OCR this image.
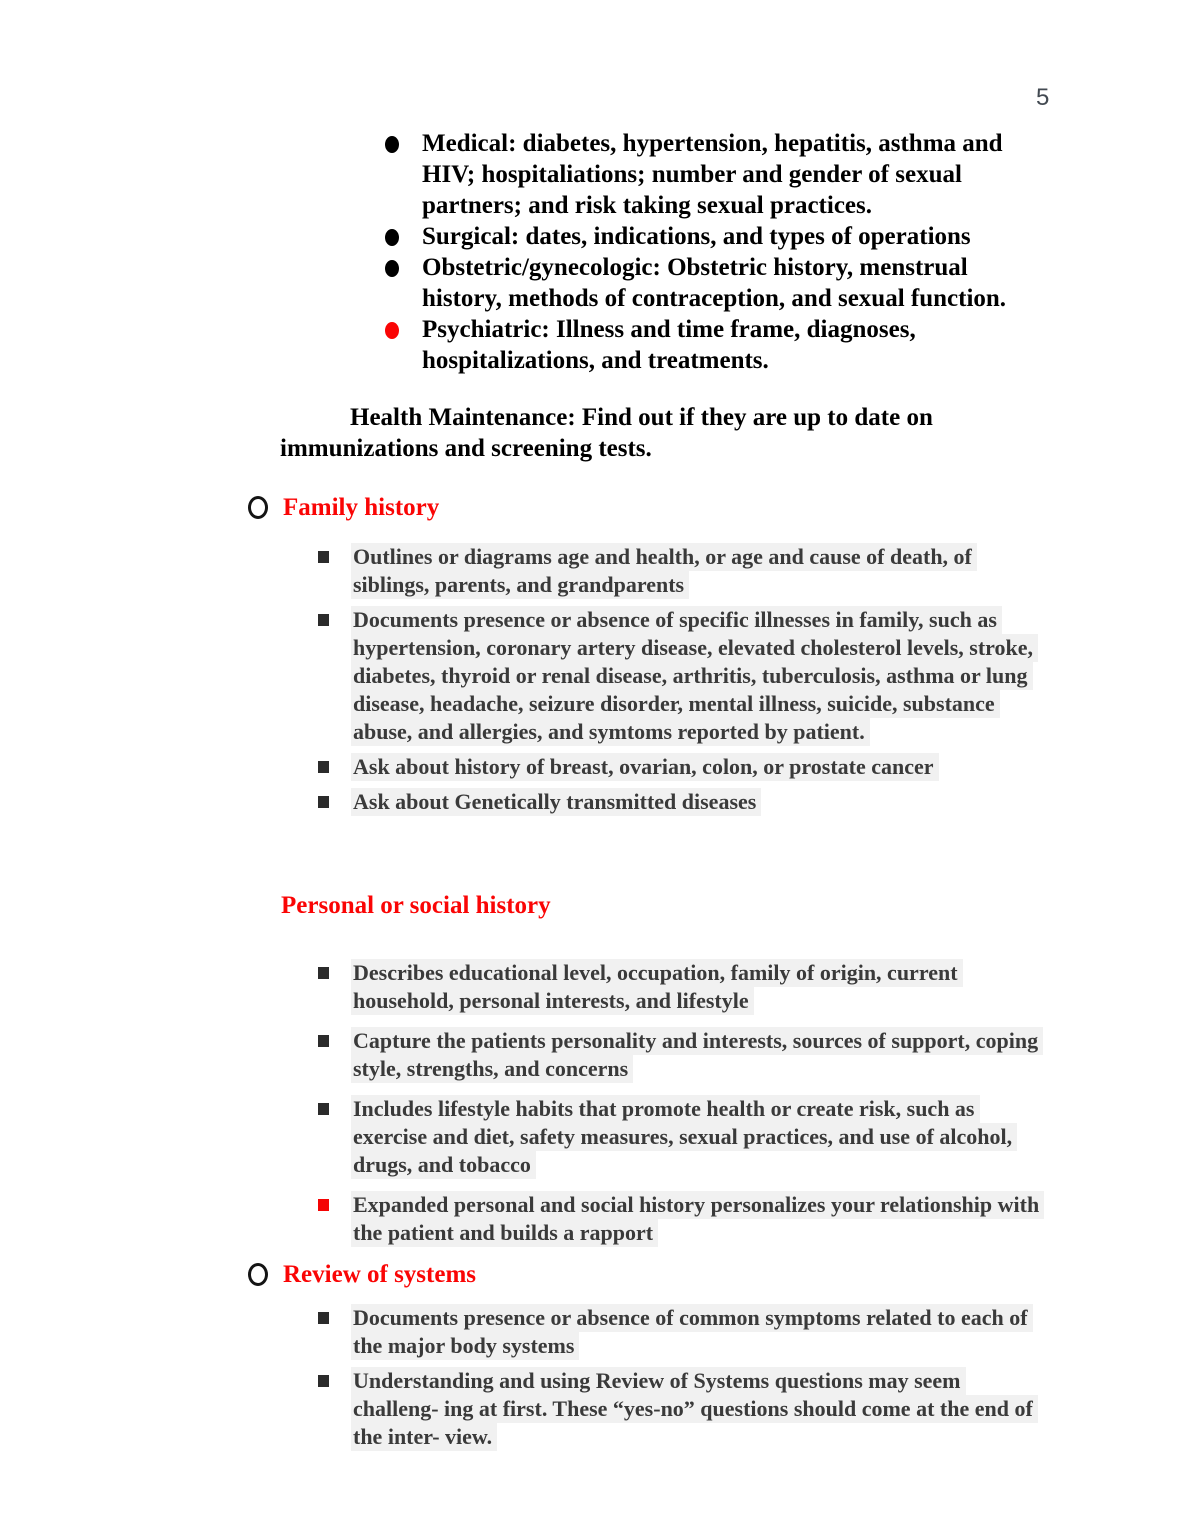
5
Medical: diabetes, hypertension, hepatitis, asthma and HIV; hospitaliations; number and gender of sexual partners; and risk taking sexual practices.
Surgical: dates, indications, and types of operations
Obstetric/gynecologic: Obstetric history, menstrual history, methods of contraception, and sexual function.
Psychiatric: Illness and time frame, diagnoses, hospitalizations, and treatments.

Health Maintenance: Find out if they are up to date on immunizations and screening tests.

Family history
Outlines or diagrams age and health, or age and cause of death, of siblings, parents, and grandparents
Documents presence or absence of specific illnesses in family, such as hypertension, coronary artery disease, elevated cholesterol levels, stroke, diabetes, thyroid or renal disease, arthritis, tuberculosis, asthma or lung disease, headache, seizure disorder, mental illness, suicide, substance abuse, and allergies, and symtoms reported by patient.
Ask about history of breast, ovarian, colon, or prostate cancer
Ask about Genetically transmitted diseases
Personal or social history
Describes educational level, occupation, family of origin, current household, personal interests, and lifestyle
Capture the patients personality and interests, sources of support, coping style, strengths, and concerns
Includes lifestyle habits that promote health or create risk, such as exercise and diet, safety measures, sexual practices, and use of alcohol, drugs, and tobacco
Expanded personal and social history personalizes your relationship with the patient and builds a rapport
Review of systems
Documents presence or absence of common symptoms related to each of the major body systems
Understanding and using Review of Systems questions may seem challeng- ing at first. These “yes-no” questions should come at the end of the inter- view.
